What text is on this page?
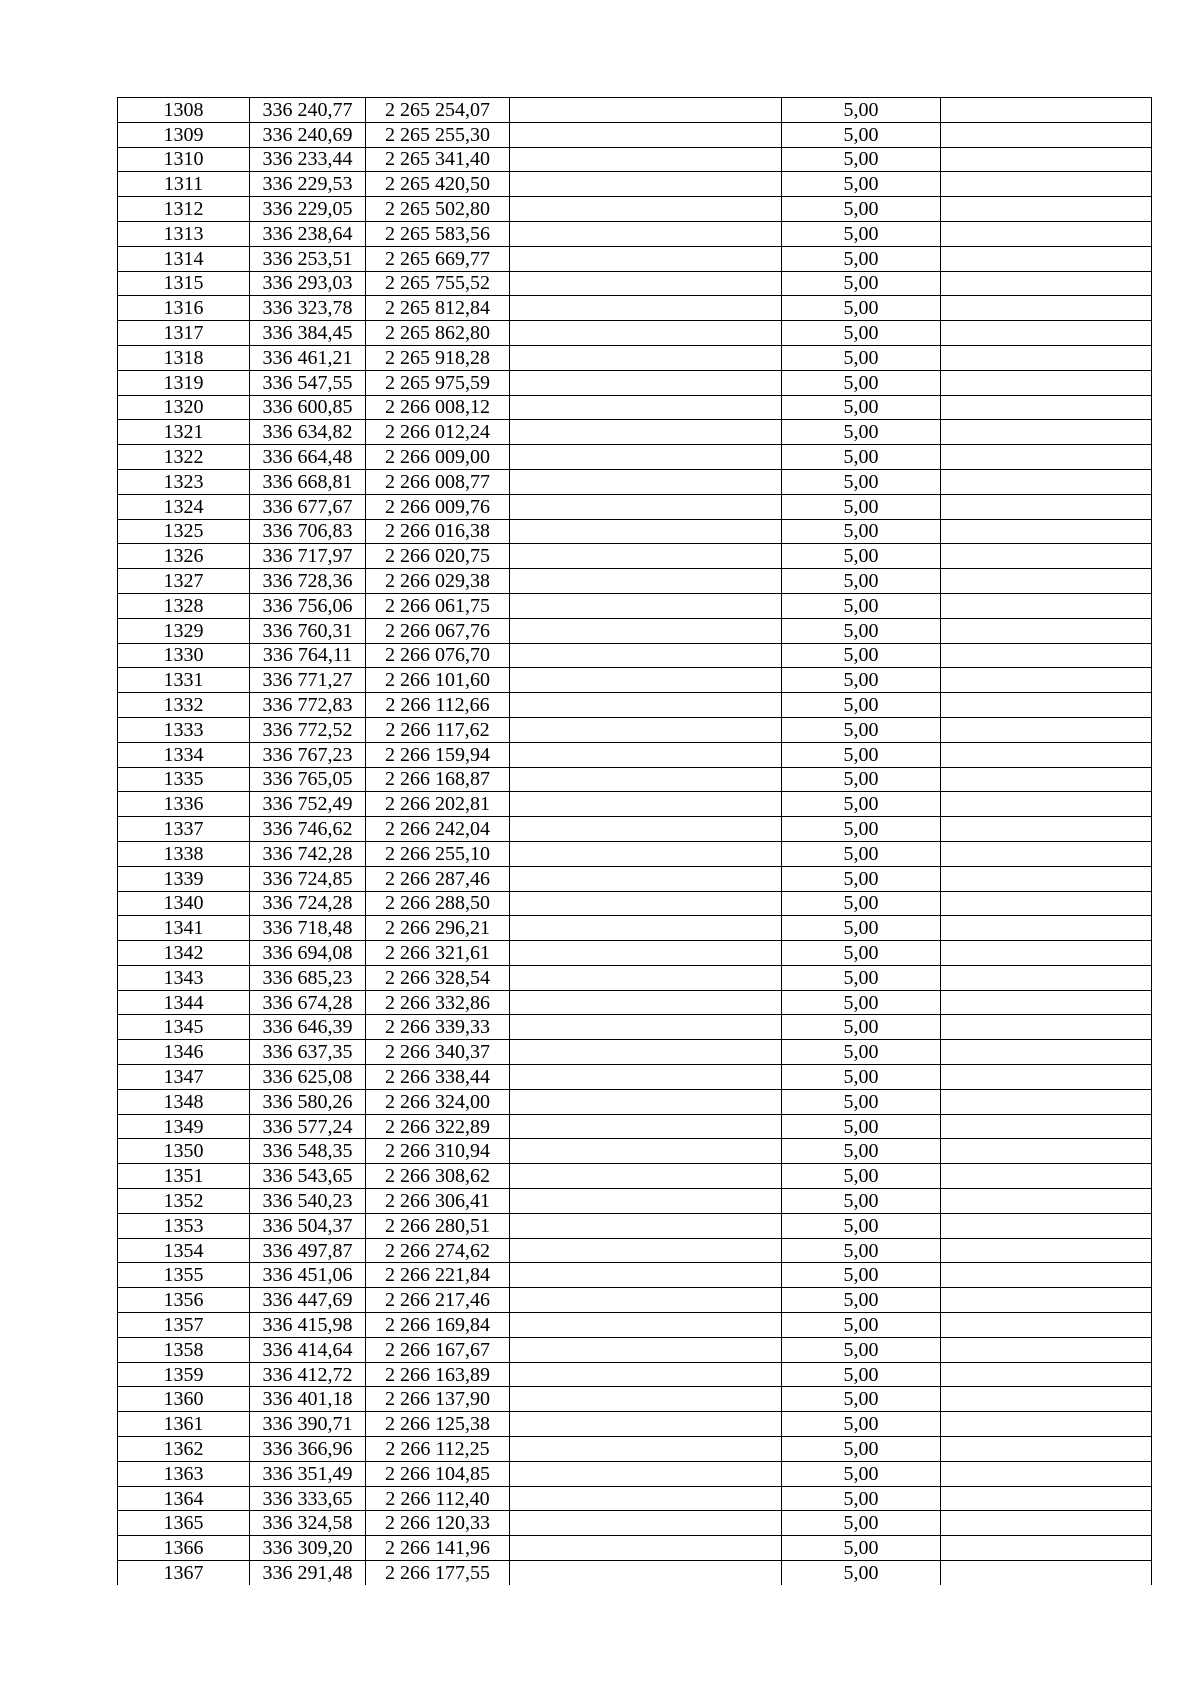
1308	336 240,77	2 265 254,07		5,00	
1309	336 240,69	2 265 255,30		5,00	
1310	336 233,44	2 265 341,40		5,00	
1311	336 229,53	2 265 420,50		5,00	
1312	336 229,05	2 265 502,80		5,00	
1313	336 238,64	2 265 583,56		5,00	
1314	336 253,51	2 265 669,77		5,00	
1315	336 293,03	2 265 755,52		5,00	
1316	336 323,78	2 265 812,84		5,00	
1317	336 384,45	2 265 862,80		5,00	
1318	336 461,21	2 265 918,28		5,00	
1319	336 547,55	2 265 975,59		5,00	
1320	336 600,85	2 266 008,12		5,00	
1321	336 634,82	2 266 012,24		5,00	
1322	336 664,48	2 266 009,00		5,00	
1323	336 668,81	2 266 008,77		5,00	
1324	336 677,67	2 266 009,76		5,00	
1325	336 706,83	2 266 016,38		5,00	
1326	336 717,97	2 266 020,75		5,00	
1327	336 728,36	2 266 029,38		5,00	
1328	336 756,06	2 266 061,75		5,00	
1329	336 760,31	2 266 067,76		5,00	
1330	336 764,11	2 266 076,70		5,00	
1331	336 771,27	2 266 101,60		5,00	
1332	336 772,83	2 266 112,66		5,00	
1333	336 772,52	2 266 117,62		5,00	
1334	336 767,23	2 266 159,94		5,00	
1335	336 765,05	2 266 168,87		5,00	
1336	336 752,49	2 266 202,81		5,00	
1337	336 746,62	2 266 242,04		5,00	
1338	336 742,28	2 266 255,10		5,00	
1339	336 724,85	2 266 287,46		5,00	
1340	336 724,28	2 266 288,50		5,00	
1341	336 718,48	2 266 296,21		5,00	
1342	336 694,08	2 266 321,61		5,00	
1343	336 685,23	2 266 328,54		5,00	
1344	336 674,28	2 266 332,86		5,00	
1345	336 646,39	2 266 339,33		5,00	
1346	336 637,35	2 266 340,37		5,00	
1347	336 625,08	2 266 338,44		5,00	
1348	336 580,26	2 266 324,00		5,00	
1349	336 577,24	2 266 322,89		5,00	
1350	336 548,35	2 266 310,94		5,00	
1351	336 543,65	2 266 308,62		5,00	
1352	336 540,23	2 266 306,41		5,00	
1353	336 504,37	2 266 280,51		5,00	
1354	336 497,87	2 266 274,62		5,00	
1355	336 451,06	2 266 221,84		5,00	
1356	336 447,69	2 266 217,46		5,00	
1357	336 415,98	2 266 169,84		5,00	
1358	336 414,64	2 266 167,67		5,00	
1359	336 412,72	2 266 163,89		5,00	
1360	336 401,18	2 266 137,90		5,00	
1361	336 390,71	2 266 125,38		5,00	
1362	336 366,96	2 266 112,25		5,00	
1363	336 351,49	2 266 104,85		5,00	
1364	336 333,65	2 266 112,40		5,00	
1365	336 324,58	2 266 120,33		5,00	
1366	336 309,20	2 266 141,96		5,00	
1367	336 291,48	2 266 177,55		5,00	
